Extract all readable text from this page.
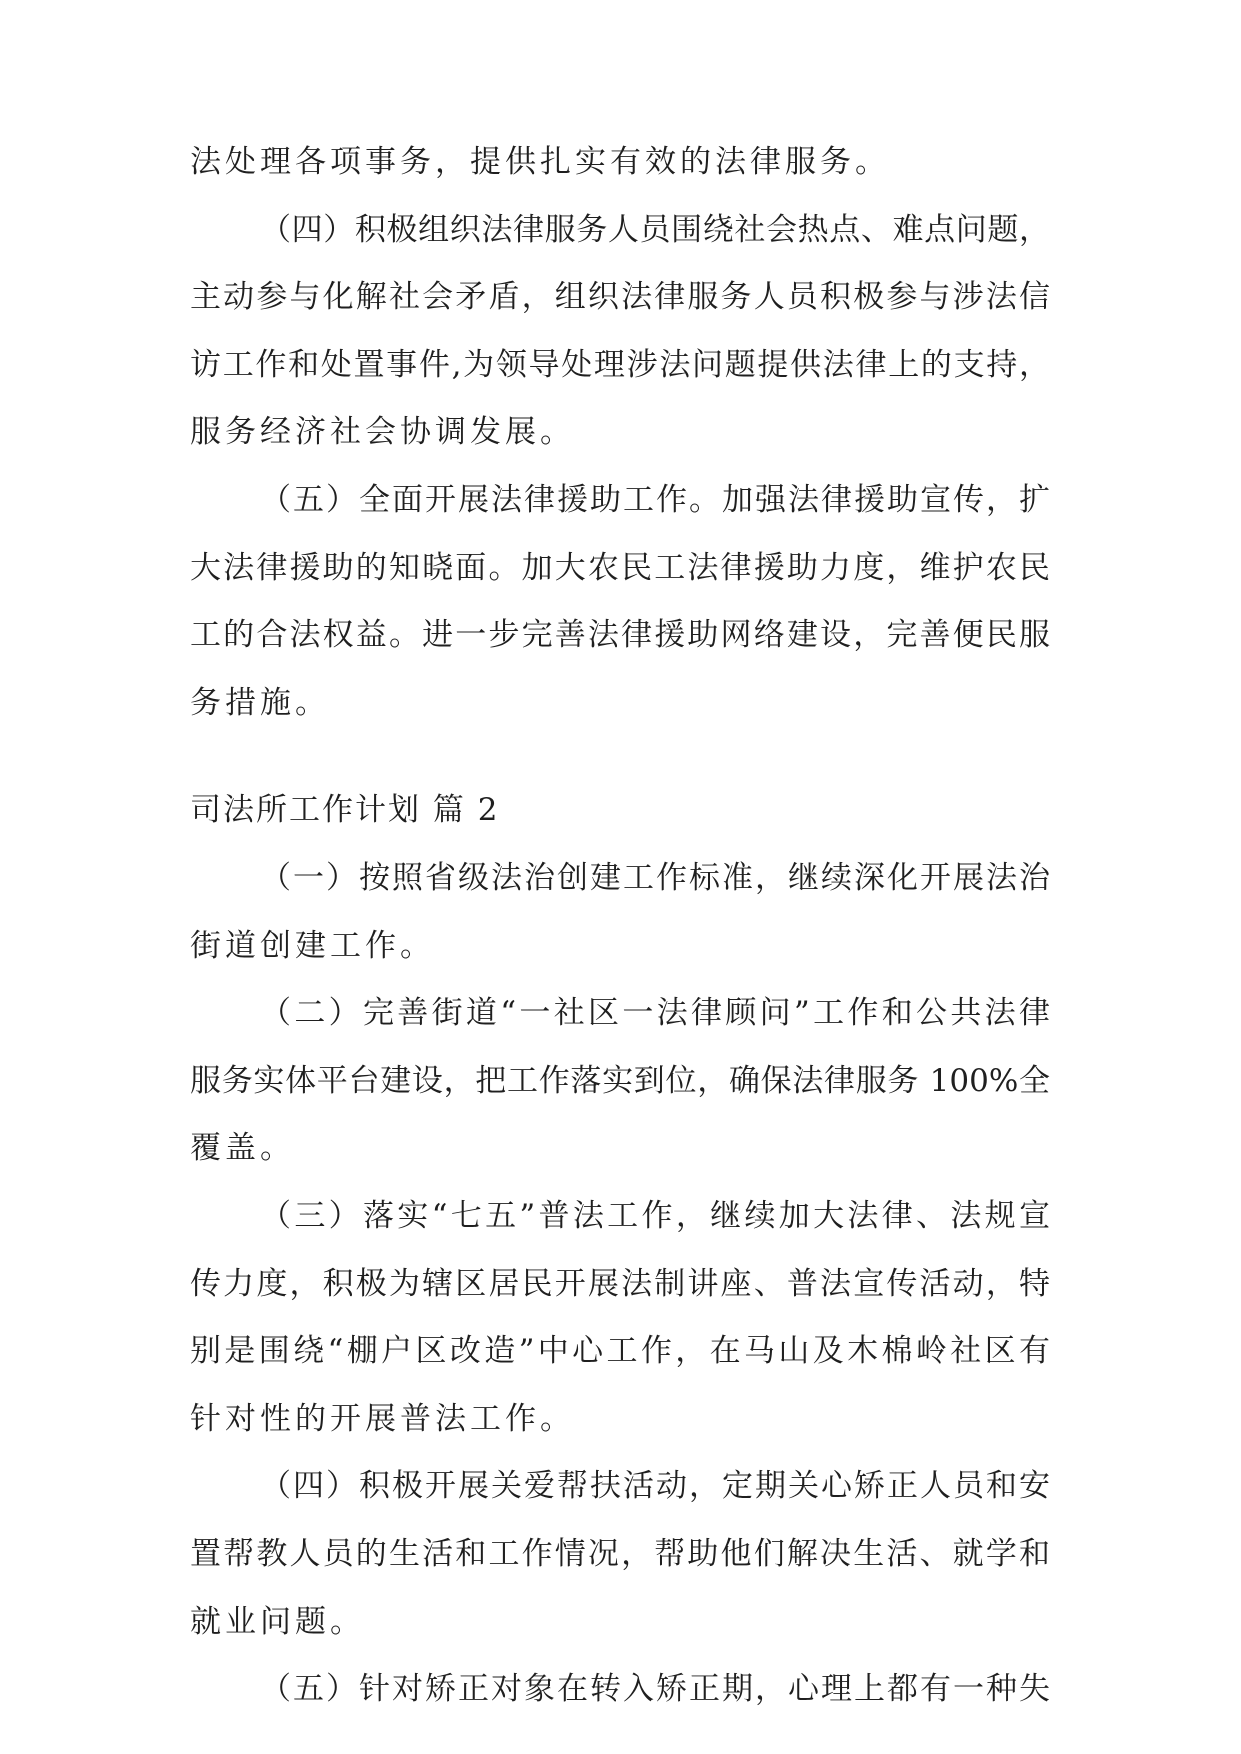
法处理各项事务，提供扎实有效的法律服务。
（四）积极组织法律服务人员围绕社会热点、难点问题，
主动参与化解社会矛盾，组织法律服务人员积极参与涉法信
访工作和处置事件,为领导处理涉法问题提供法律上的支持，
服务经济社会协调发展。
（五）全面开展法律援助工作。加强法律援助宣传，扩
大法律援助的知晓面。加大农民工法律援助力度，维护农民
工的合法权益。进一步完善法律援助网络建设，完善便民服
务措施。
司法所工作计划 篇 2
（一）按照省级法治创建工作标准，继续深化开展法治
街道创建工作。
（二）完善街道“一社区一法律顾问”工作和公共法律
服务实体平台建设，把工作落实到位，确保法律服务 100%全
覆盖。
（三）落实“七五”普法工作，继续加大法律、法规宣
传力度，积极为辖区居民开展法制讲座、普法宣传活动，特
别是围绕“棚户区改造”中心工作，在马山及木棉岭社区有
针对性的开展普法工作。
（四）积极开展关爱帮扶活动，定期关心矫正人员和安
置帮教人员的生活和工作情况，帮助他们解决生活、就学和
就业问题。
（五）针对矫正对象在转入矫正期，心理上都有一种失
